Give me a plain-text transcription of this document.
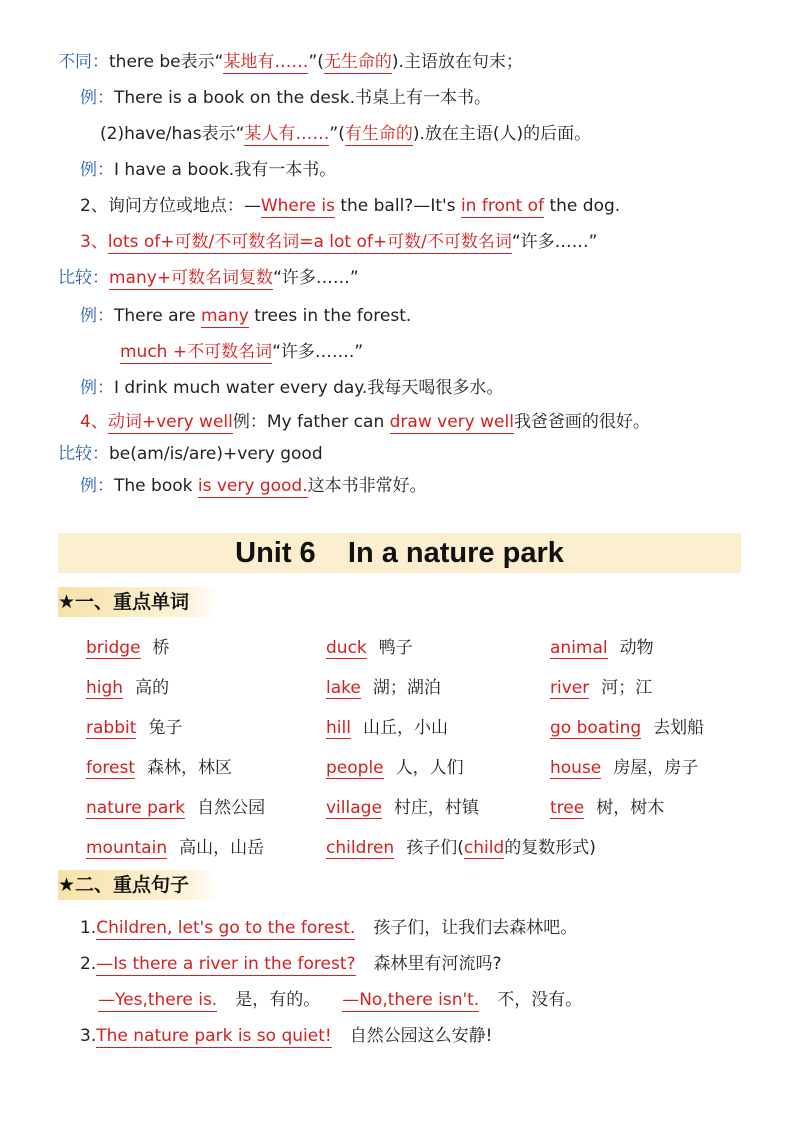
不同：there be表示“某地有……”(无生命的).主语放在句末；
例：There is a book on the desk.书桌上有一本书。
(2)have/has表示“某人有……”(有生命的).放在主语(人)的后面。
例：I have a book.我有一本书。
2、询问方位或地点：—Where is the ball?—It's in front of the dog.
3、lots of+可数/不可数名词=a lot of+可数/不可数名词“许多……”
比较：many+可数名词复数“许多……”
例：There are many trees in the forest.
much +不可数名词“许多…….”
例：I drink much water every day.我每天喝很多水。
4、动词+very well例：My father can draw very well我爸爸画的很好。
比较：be(am/is/are)+very good
例：The book is very good.这本书非常好。
Unit 6    In a nature park
★一、重点单词
bridge 桥	duck 鸭子	animal 动物
high 高的	lake 湖；湖泊	river 河；江
rabbit 兔子	hill 山丘，小山	go boating 去划船
forest 森林，林区	people 人，人们	house 房屋，房子
nature park 自然公园	village 村庄，村镇	tree 树，树木
mountain 高山，山岳	children 孩子们(child的复数形式)
★二、重点句子
1.Children, let's go to the forest. 孩子们，让我们去森林吧。
2.—Is there a river in the forest? 森林里有河流吗?
—Yes,there is. 是，有的。 —No,there isn't. 不，没有。
3.The nature park is so quiet! 自然公园这么安静!
